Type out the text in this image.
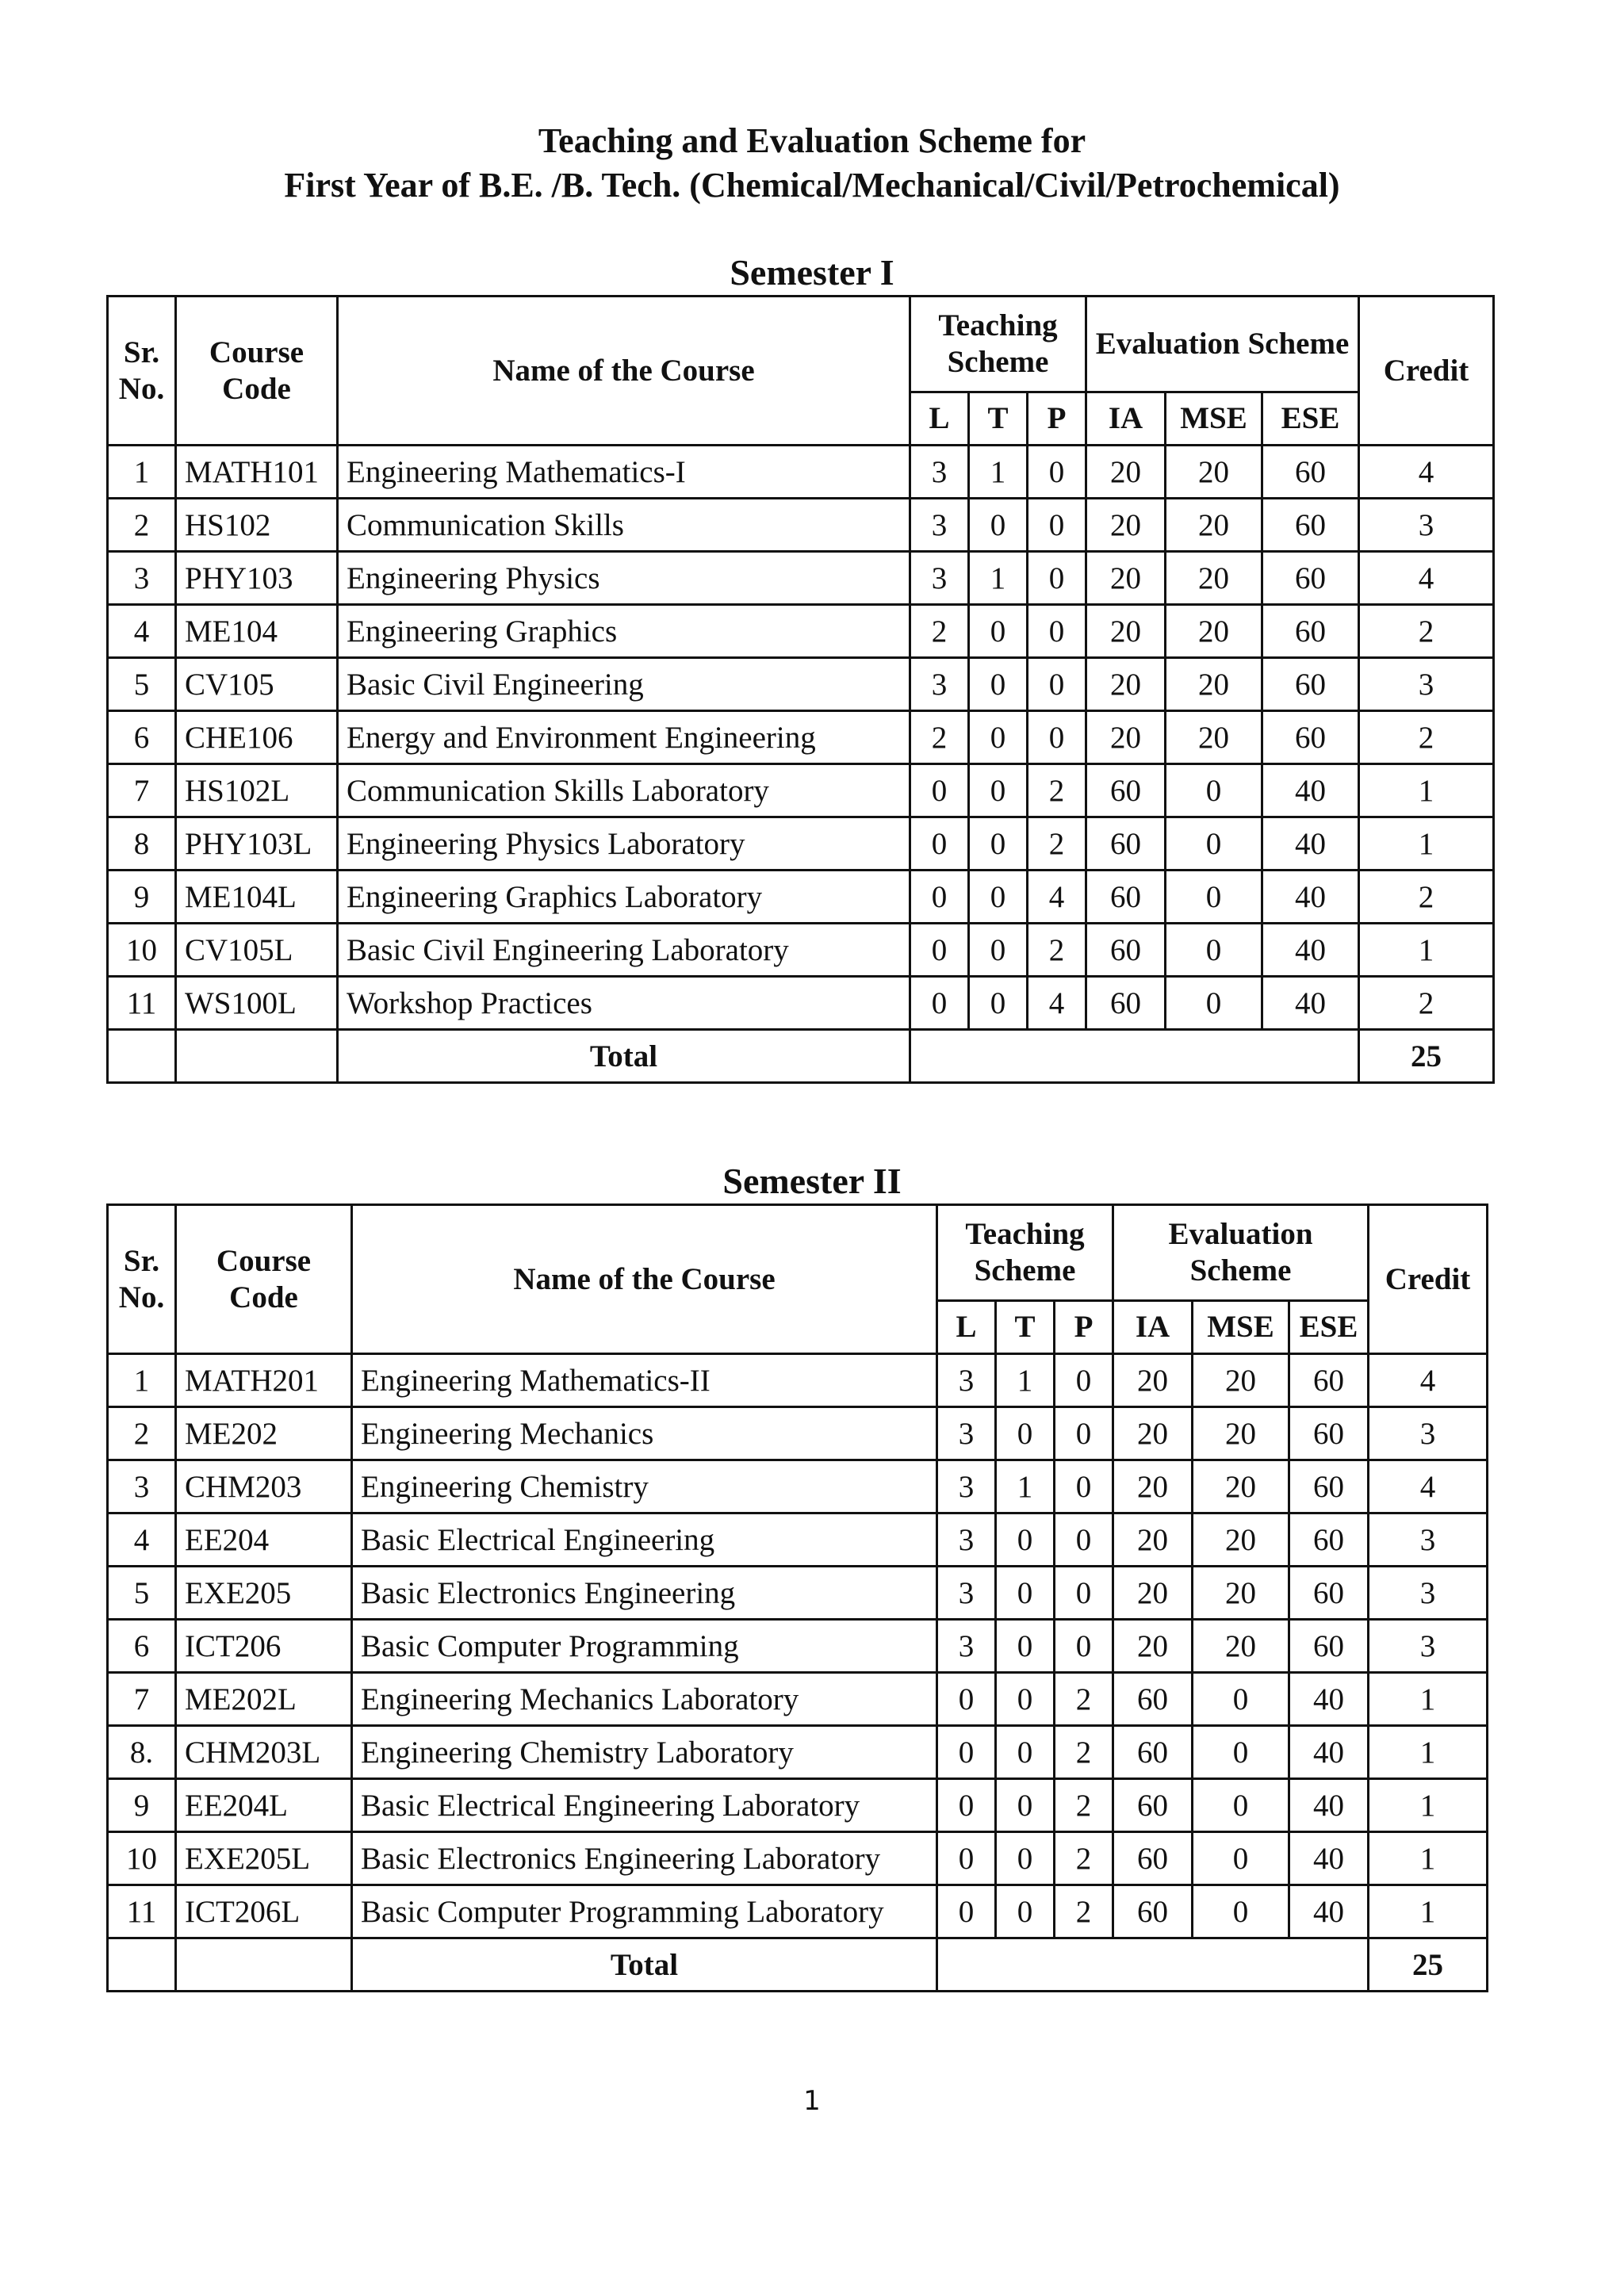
Teaching and Evaluation Scheme for
First Year of B.E. /B. Tech. (Chemical/Mechanical/Civil/Petrochemical)
Semester I
Sr. No.	Course Code	Name of the Course	Teaching Scheme			Evaluation Scheme			Credit
			L	T	P	IA	MSE	ESE	
1	MATH101	Engineering Mathematics-I	3	1	0	20	20	60	4
2	HS102	Communication Skills	3	0	0	20	20	60	3
3	PHY103	Engineering Physics	3	1	0	20	20	60	4
4	ME104	Engineering Graphics	2	0	0	20	20	60	2
5	CV105	Basic Civil Engineering	3	0	0	20	20	60	3
6	CHE106	Energy and Environment Engineering	2	0	0	20	20	60	2
7	HS102L	Communication Skills Laboratory	0	0	2	60	0	40	1
8	PHY103L	Engineering Physics Laboratory	0	0	2	60	0	40	1
9	ME104L	Engineering Graphics Laboratory	0	0	4	60	0	40	2
10	CV105L	Basic Civil Engineering Laboratory	0	0	2	60	0	40	1
11	WS100L	Workshop Practices	0	0	4	60	0	40	2
		Total							25
Semester II
Sr. No.	Course Code	Name of the Course	Teaching Scheme			Evaluation Scheme			Credit
			L	T	P	IA	MSE	ESE	
1	MATH201	Engineering Mathematics-II	3	1	0	20	20	60	4
2	ME202	Engineering Mechanics	3	0	0	20	20	60	3
3	CHM203	Engineering Chemistry	3	1	0	20	20	60	4
4	EE204	Basic Electrical Engineering	3	0	0	20	20	60	3
5	EXE205	Basic Electronics Engineering	3	0	0	20	20	60	3
6	ICT206	Basic Computer Programming	3	0	0	20	20	60	3
7	ME202L	Engineering Mechanics Laboratory	0	0	2	60	0	40	1
8.	CHM203L	Engineering Chemistry Laboratory	0	0	2	60	0	40	1
9	EE204L	Basic Electrical Engineering Laboratory	0	0	2	60	0	40	1
10	EXE205L	Basic Electronics Engineering Laboratory	0	0	2	60	0	40	1
11	ICT206L	Basic Computer Programming Laboratory	0	0	2	60	0	40	1
		Total							25
1
